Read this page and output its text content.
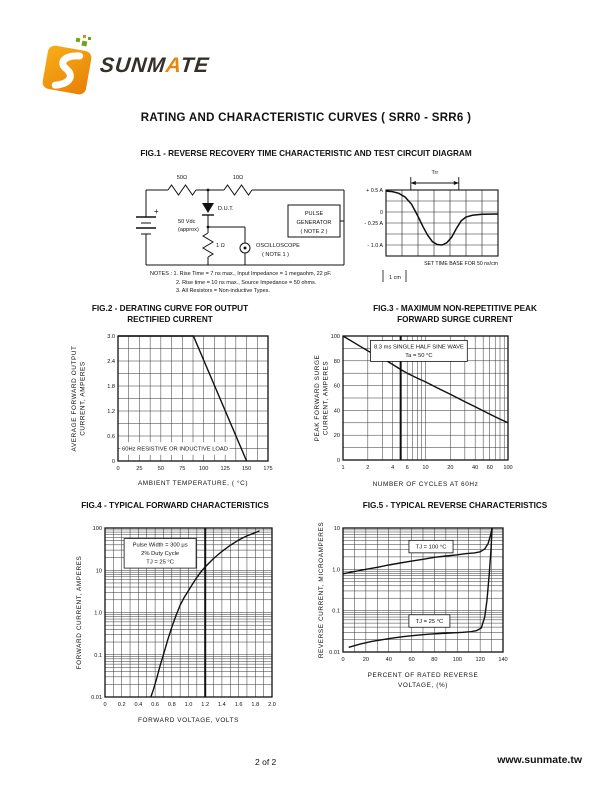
SUNMATE
RATING AND CHARACTERISTIC CURVES ( SRR0 - SRR6 )
FIG.1 - REVERSE RECOVERY TIME CHARACTERISTIC AND TEST CIRCUIT DIAGRAM
50Ω	10Ω
D.U.T.
+
50 Vdc
(approx)
1 Ω	OSCILLOSCOPE
( NOTE 1 )
PULSE
GENERATOR
( NOTE 2 )
NOTES : 1. Rise Time = 7 ns max., Input Impedance = 1 megaohm, 22 pF.
2. Rise time = 10 ns max., Source Impedance = 50 ohms.
3. All Resistors = Non-inductive Types.
+ 0.5 A
0
- 0.25 A
- 1.0 A
Trr
SET TIME BASE FOR 50 ns/cm
1 cm
FIG.2 - DERATING CURVE FOR OUTPUT
RECTIFIED CURRENT
0	25	50	75 100 125 150 175
0
0.6
1.2
1.8
2.4
3.0
60Hz RESISTIVE OR INDUCTIVE LOAD
AMBIENT TEMPERATURE, ( °C)
AVERAGE FORWARD OUTPUT CURRENT, AMPERES
FIG.3 - MAXIMUM NON-REPETITIVE PEAK
FORWARD SURGE CURRENT
1	2	4 6 10	20	40 60 100
0
20
40
60
80
100
8.3 ms SINGLE HALF SINE WAVE
Ta = 50 °C
NUMBER OF CYCLES AT 60Hz
PEAK FORWARD SURGE CURRENT, AMPERES
FIG.4 - TYPICAL FORWARD CHARACTERISTICS
0 0.2 0.4 0.6 0.8 1.0 1.2 1.4 1.6 1.8 2.0
0.01
0.1
1.0
10
100
Pulse Width = 300 μs
2% Duty Cycle
TJ = 25 °C
FORWARD VOLTAGE, VOLTS
FORWARD CURRENT, AMPERES
FIG.5 - TYPICAL REVERSE CHARACTERISTICS
0	20	40	60	80	100 120 140
0.01
0.1
1.0
10
TJ = 100 °C
TJ = 25 °C
PERCENT OF RATED REVERSE
VOLTAGE, (%)
REVERSE CURRENT, MICROAMPERES
2 of 2	www.sunmate.tw
